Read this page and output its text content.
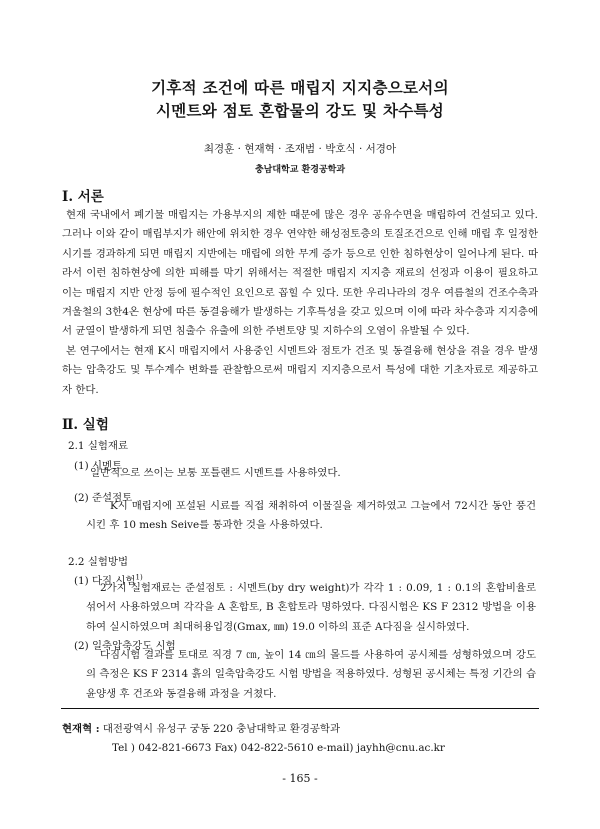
기후적 조건에 따른 매립지 지지층으로서의
시멘트와 점토 혼합물의 강도 및 차수특성
최경훈 · 현재혁 · 조재범 · 박호식 · 서경아
충남대학교 환경공학과
Ⅰ. 서론

현재 국내에서 폐기물 매립지는 가용부지의 제한 때문에 많은 경우 공유수면을 매립하여 건설되고 있다. 그러나 이와 같이 매립부지가 해안에 위치한 경우 연약한 해성점토층의 토질조건으로 인해 매립 후 일정한 시기를 경과하게 되면 매립지 지반에는 매립에 의한 무게 증가 등으로 인한 침하현상이 일어나게 된다. 따라서 이런 침하현상에 의한 피해를 막기 위해서는 적절한 매립지 지지층 재료의 선정과 이용이 필요하고 이는 매립지 지반 안정 등에 필수적인 요인으로 꼽힐 수 있다. 또한 우리나라의 경우 여름철의 건조수축과 겨울철의 3한4온 현상에 따른 동결융해가 발생하는 기후특성을 갖고 있으며 이에 따라 차수층과 지지층에서 균열이 발생하게 되면 침출수 유출에 의한 주변토양 및 지하수의 오염이 유발될 수 있다.

본 연구에서는 현재 K시 매립지에서 사용중인 시멘트와 점토가 건조 및 동결융해 현상을 겪을 경우 발생하는 압축강도 및 투수계수 변화를 관찰함으로써 매립지 지지층으로서 특성에 대한 기초자료로 제공하고자 한다.

Ⅱ. 실험
2.1 실험재료
(1) 시멘트

일반적으로 쓰이는 보통 포틀랜드 시멘트를 사용하였다.

(2) 준설점토

K시 매립지에 포설된 시료를 직접 채취하여 이물질을 제거하였고 그늘에서 72시간 동안 풍건시킨 후 10 mesh Seive를 통과한 것을 사용하였다.

2.2 실험방법
(1) 다짐 시험$^{1)}$

2가지 실험재료는 준설점토 : 시멘트(by dry weight)가 각각 1 : 0.09, 1 : 0.1의 혼합비율로 섞어서 사용하였으며 각각을 A 혼합토, B 혼합토라 명하였다. 다짐시험은 KS F 2312 방법을 이용하여 실시하였으며 최대허용입경(Gmax, ㎜) 19.0 이하의 표준 A다짐을 실시하였다.

(2) 일축압축강도 시험

다짐시험 결과를 토대로 직경 7 ㎝, 높이 14 ㎝의 몰드를 사용하여 공시체를 성형하였으며 강도의 측정은 KS F 2314 흙의 일축압축강도 시험 방법을 적용하였다. 성형된 공시체는 특정 기간의 습윤양생 후 건조와 동결융해 과정을 거쳤다.

현재혁 : 대전광역시 유성구 궁동 220 충남대학교 환경공학과
Tel ) 042-821-6673 Fax) 042-822-5610 e-mail) jayhh@cnu.ac.kr
- 165 -
